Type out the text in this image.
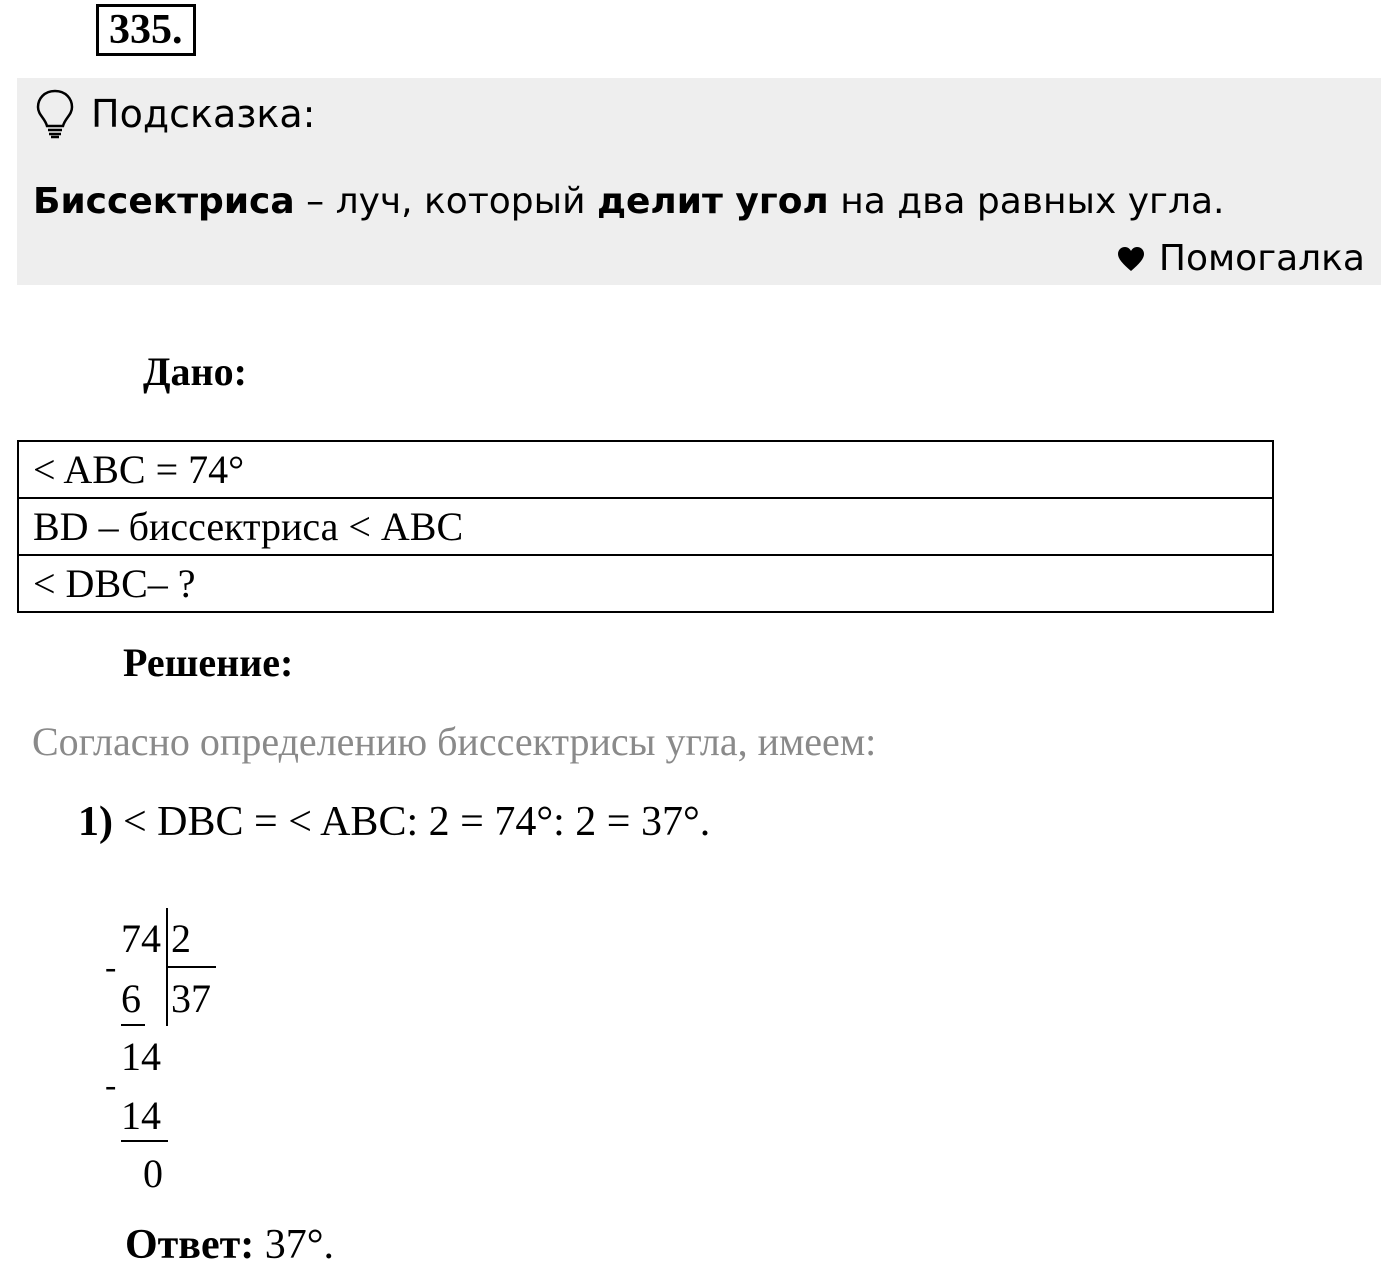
335.
Подсказка:
Биссектриса – луч, который делит угол на два равных угла.
Помогалка
Дано:
< ABC = 74°
BD – биссектриса < ABC
< DBC– ?
Решение:
Согласно определению биссектрисы угла, имеем:
1) < DBC = < ABC: 2 = 74°: 2 = 37°.
74 2
-
6 37
14
-
14
0
Ответ: 37°.
